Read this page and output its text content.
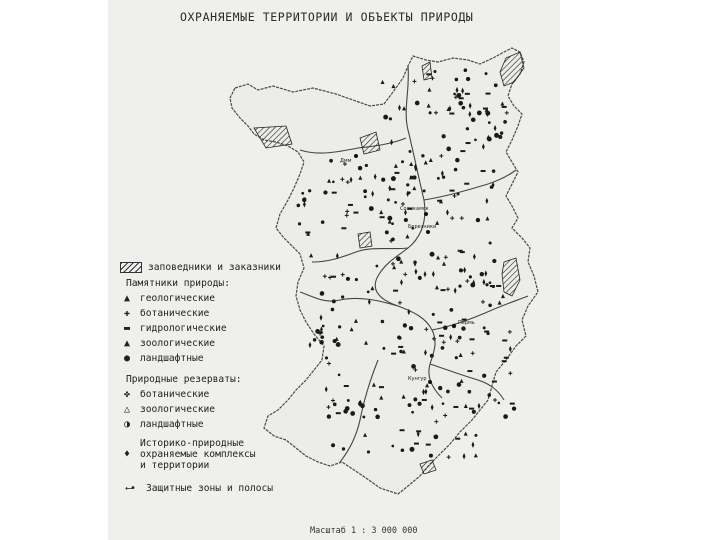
Дмм
Соликамск
Березники
Пермь
Кунгур
ОХРАНЯЕМЫЕ ТЕРРИТОРИИ И ОБЪЕКТЫ ПРИРОДЫ
заповедники и заказники
Памятники природы:
▲	геологические
✚	ботанические
▬	гидрологические
▲	зоологические
●	ландшафтные
Природные резерваты:
✤	ботанические
△	зоологические
◑	ландшафтные
♦
Историко-природные
охраняемые комплексы
и территории
⟵•	Защитные зоны и полосы
Масштаб 1 : 3 000 000
